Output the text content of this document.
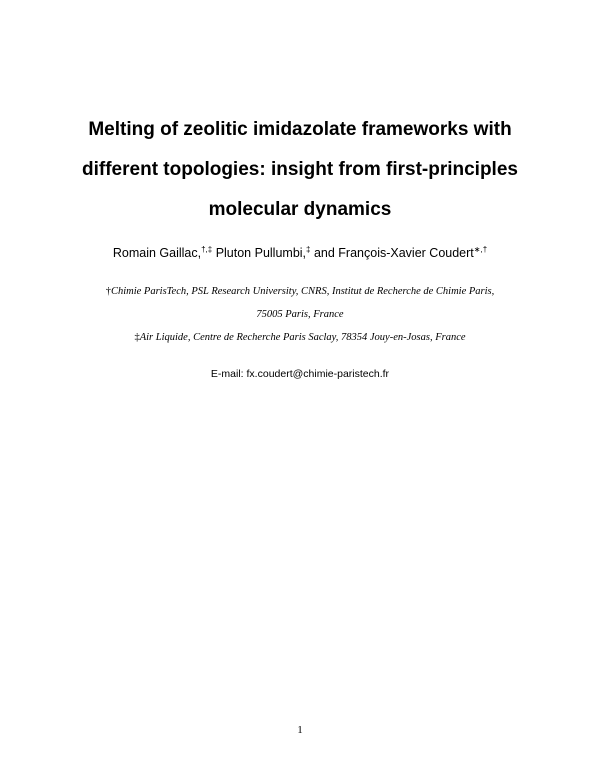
Melting of zeolitic imidazolate frameworks with
different topologies: insight from first-principles
molecular dynamics
Romain Gaillac,†,‡ Pluton Pullumbi,‡ and François-Xavier Coudert∗,†
†Chimie ParisTech, PSL Research University, CNRS, Institut de Recherche de Chimie Paris,
75005 Paris, France
‡Air Liquide, Centre de Recherche Paris Saclay, 78354 Jouy-en-Josas, France
E-mail: fx.coudert@chimie-paristech.fr
1
